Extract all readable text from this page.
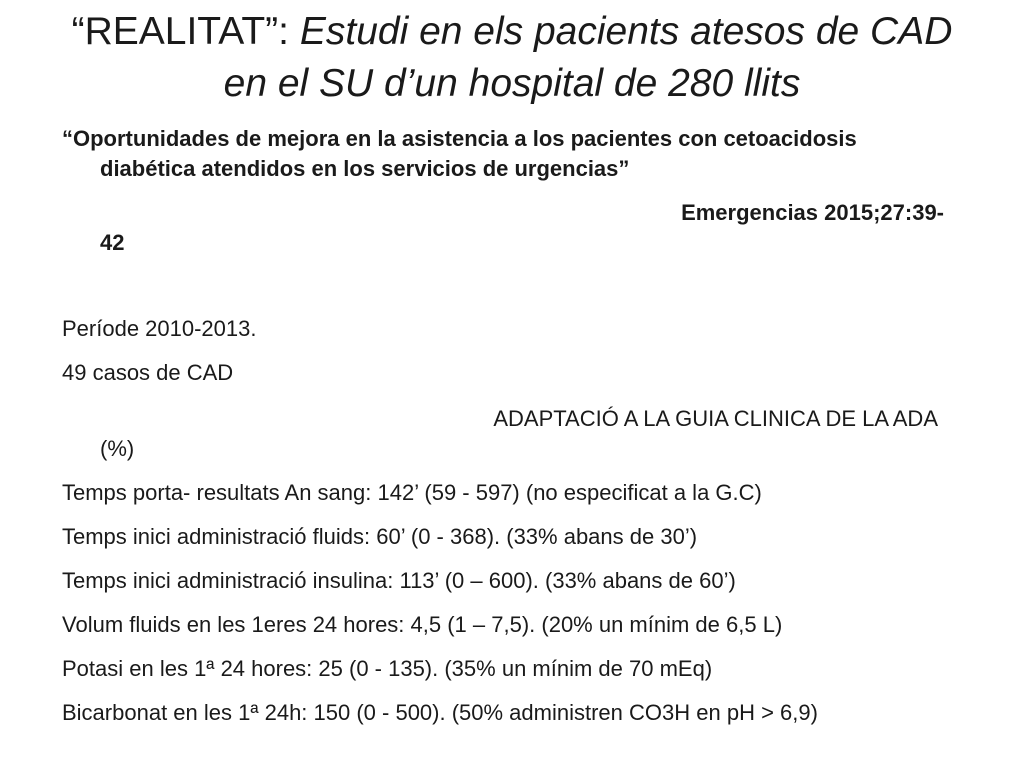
“REALITAT”: Estudi en els pacients atesos de CAD
en el SU d’un hospital de 280 llits

“Oportunidades de mejora en la asistencia a los pacientes con cetoacidosis diabética atendidos en los servicios de urgencias”

Emergencias 2015;27:39-

42

Període 2010-2013.

49 casos de CAD

ADAPTACIÓ A LA GUIA CLINICA DE LA ADA

(%)

Temps porta- resultats An sang: 142’ (59 - 597) (no especificat a la G.C)

Temps inici administració fluids: 60’ (0 - 368). (33% abans de 30’)

Temps inici administració insulina: 113’ (0 – 600). (33% abans de 60’)

Volum fluids en les 1eres 24 hores: 4,5 (1 – 7,5). (20% un mínim de 6,5 L)

Potasi en les 1ª 24 hores: 25 (0 - 135). (35% un mínim de 70 mEq)

Bicarbonat en les 1ª 24h: 150 (0 - 500). (50% administren CO3H en pH > 6,9)
